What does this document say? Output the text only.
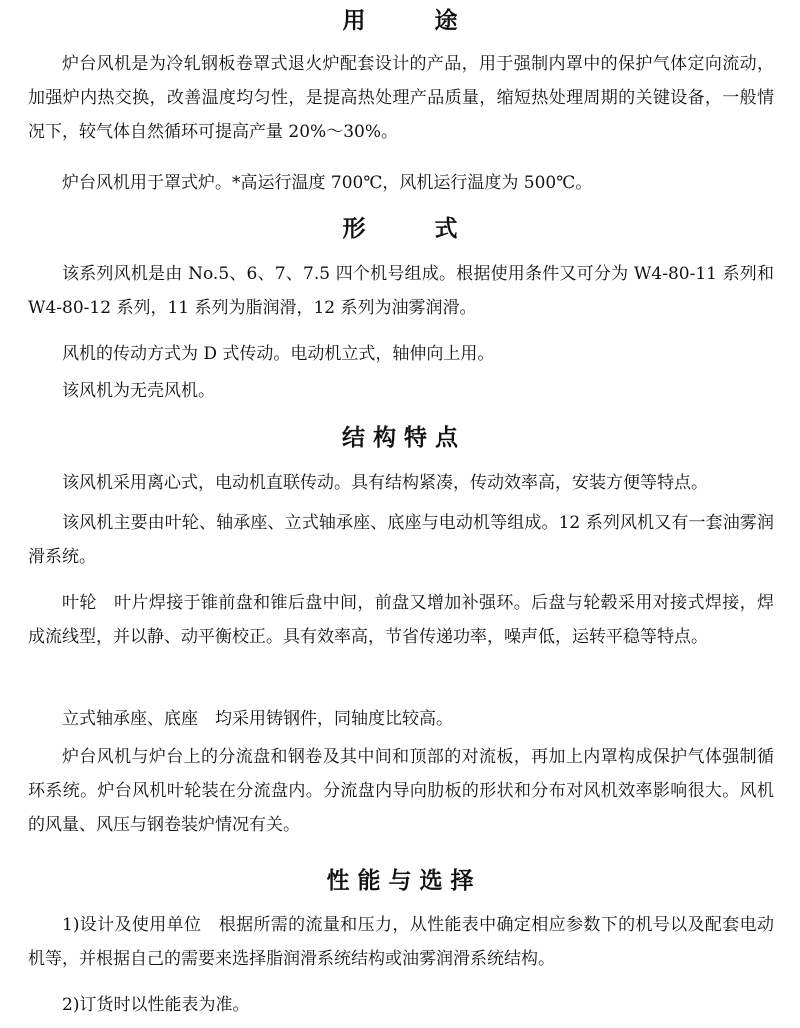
用　　　途

炉台风机是为冷轧钢板卷罩式退火炉配套设计的产品，用于强制内罩中的保护气体定向流动，加强炉内热交换，改善温度均匀性，是提高热处理产品质量，缩短热处理周期的关键设备，一般情况下，较气体自然循环可提高产量 20%～30%。

炉台风机用于罩式炉。*高运行温度 700℃，风机运行温度为 500℃。

形　　　式

该系列风机是由 No.5、6、7、7.5 四个机号组成。根据使用条件又可分为 W4-80-11 系列和 W4-80-12 系列，11 系列为脂润滑，12 系列为油雾润滑。

风机的传动方式为 D 式传动。电动机立式，轴伸向上用。

该风机为无壳风机。

结 构 特 点

该风机采用离心式，电动机直联传动。具有结构紧凑，传动效率高，安装方便等特点。

该风机主要由叶轮、轴承座、立式轴承座、底座与电动机等组成。12 系列风机又有一套油雾润滑系统。

叶轮　叶片焊接于锥前盘和锥后盘中间，前盘又增加补强环。后盘与轮毂采用对接式焊接，焊成流线型，并以静、动平衡校正。具有效率高，节省传递功率，噪声低，运转平稳等特点。

立式轴承座、底座　均采用铸钢件，同轴度比较高。

炉台风机与炉台上的分流盘和钢卷及其中间和顶部的对流板，再加上内罩构成保护气体强制循环系统。炉台风机叶轮装在分流盘内。分流盘内导向肋板的形状和分布对风机效率影响很大。风机的风量、风压与钢卷装炉情况有关。

性 能 与 选 择

1)设计及使用单位　根据所需的流量和压力，从性能表中确定相应参数下的机号以及配套电动机等，并根据自己的需要来选择脂润滑系统结构或油雾润滑系统结构。

2)订货时以性能表为准。
